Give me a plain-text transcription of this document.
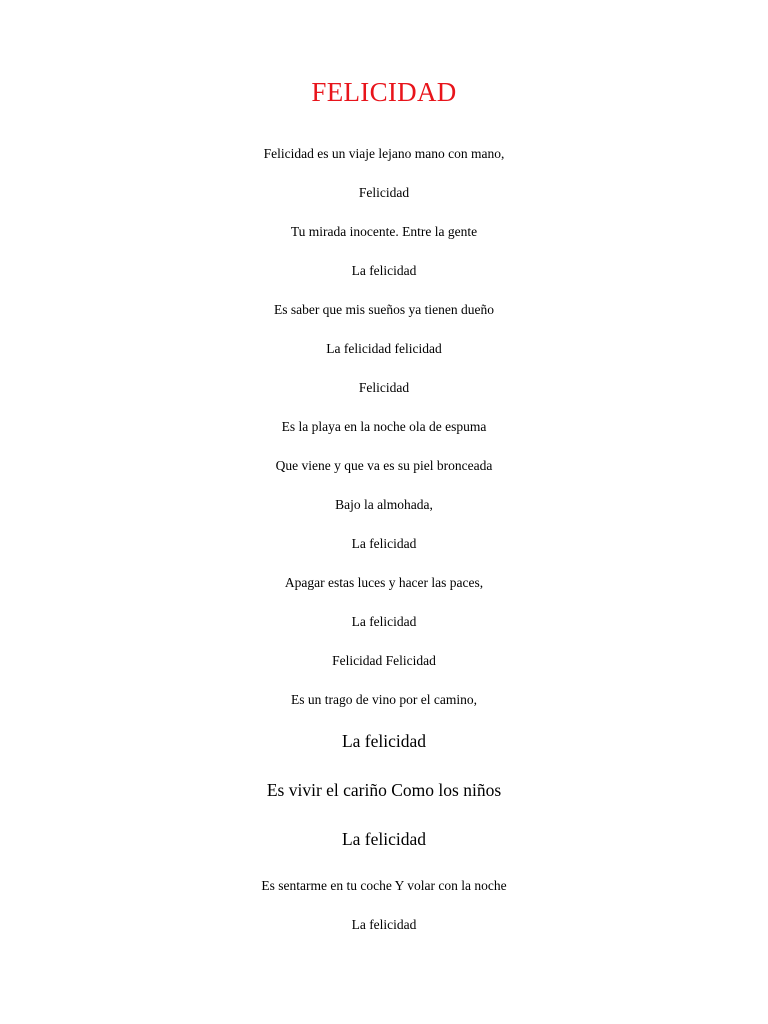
FELICIDAD
Felicidad es un viaje lejano mano con mano,
Felicidad
Tu mirada inocente. Entre la gente
La felicidad
Es saber que mis sueños ya tienen dueño
La felicidad felicidad
Felicidad
Es la playa en la noche ola de espuma
Que viene y que va es su piel bronceada
Bajo la almohada,
La felicidad
Apagar estas luces y hacer las paces,
La felicidad
Felicidad Felicidad
Es un trago de vino por el camino,
La felicidad
Es vivir el cariño Como los niños
La felicidad
Es sentarme en tu coche Y volar con la noche
La felicidad
